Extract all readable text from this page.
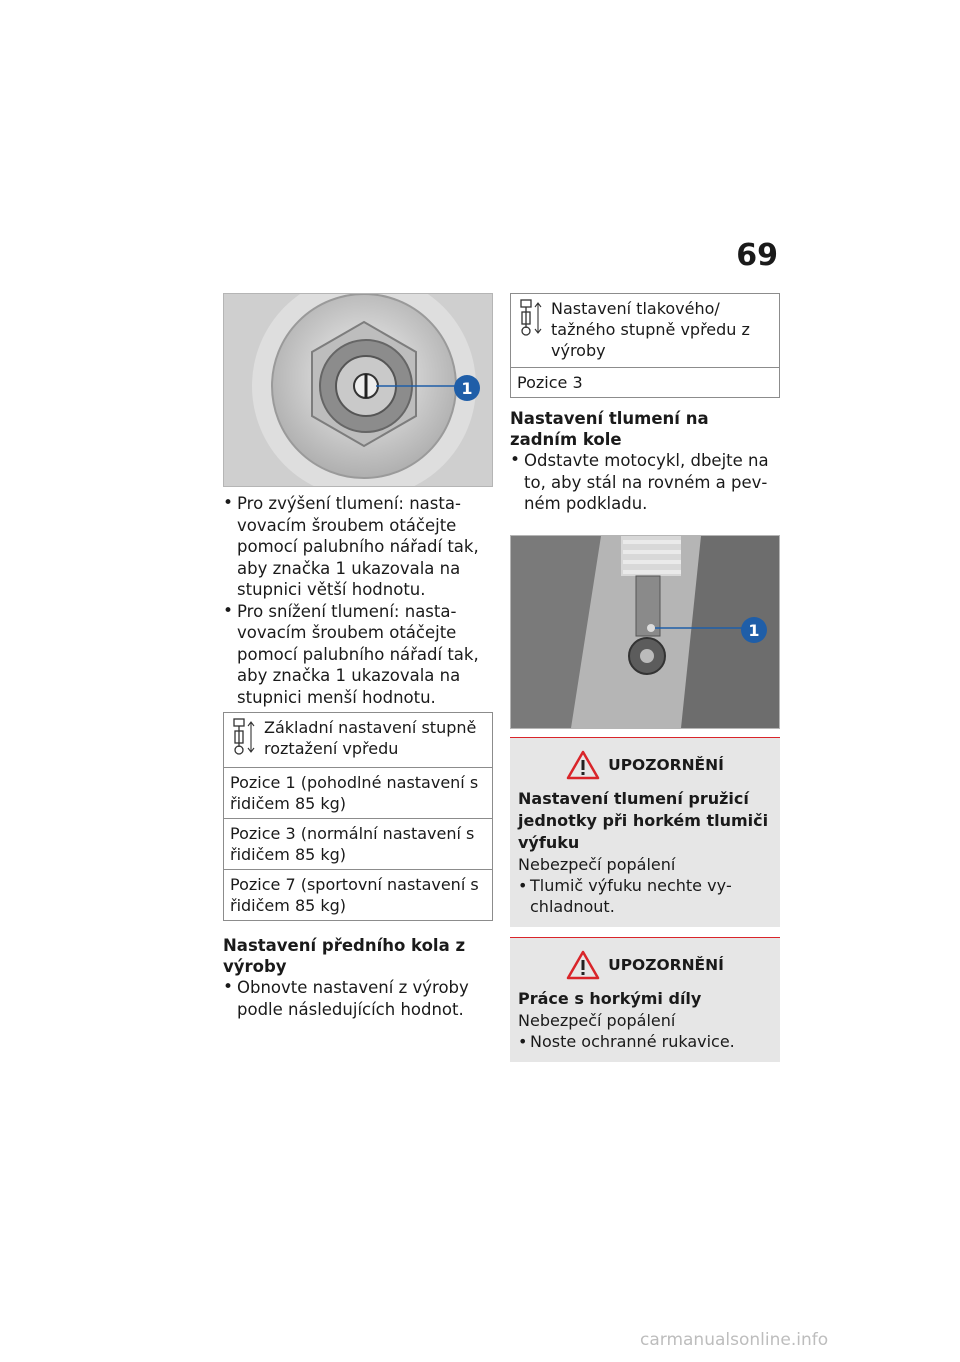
69
1
• Pro zvýšení tlumení: nastavovacím šroubem otáčejte pomocí palubního nářadí tak, aby značka 1 ukazovala na stupnici větší hodnotu.
• Pro snížení tlumení: nastavovacím šroubem otáčejte pomocí palubního nářadí tak, aby značka 1 ukazovala na stupnici menší hodnotu.
Základní nastavení stupně roztažení vpředu
Pozice 1 (pohodlné nastavení s řidičem 85 kg)
Pozice 3 (normální nastavení s řidičem 85 kg)
Pozice 7 (sportovní nastavení s řidičem 85 kg)
Nastavení předního kola z výroby
• Obnovte nastavení z výroby podle následujících hodnot.
Nastavení tlakového/ tažného stupně vpředu z výroby
Pozice 3
Nastavení tlumení na zadním kole
• Odstavte motocykl, dbejte na to, aby stál na rovném a pevném podkladu.
1
UPOZORNĚNÍ
Nastavení tlumení pružicí jednotky při horkém tlumiči výfuku
Nebezpečí popálení
• Tlumič výfuku nechte vychladnout.
UPOZORNĚNÍ
Práce s horkými díly
Nebezpečí popálení
• Noste ochranné rukavice.
carmanualsonline.info
